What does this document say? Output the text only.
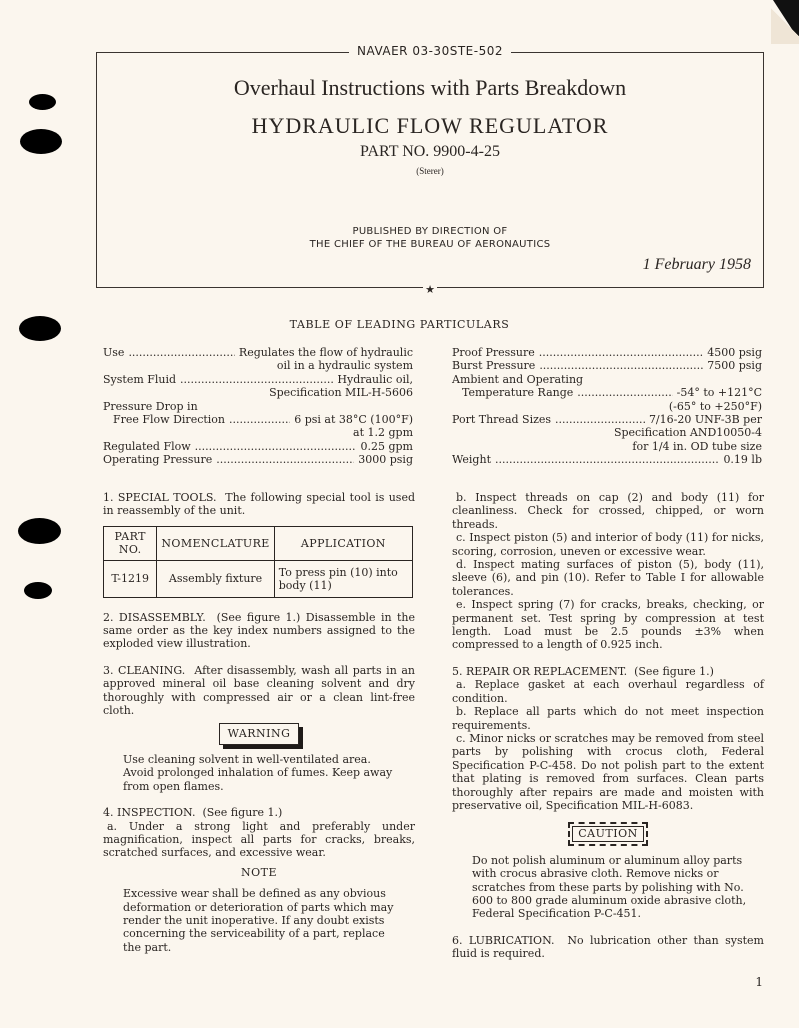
NAVAER 03-30STE-502
Overhaul Instructions with Parts Breakdown
HYDRAULIC FLOW REGULATOR
PART NO. 9900-4-25
(Sterer)
PUBLISHED BY DIRECTION OF
THE CHIEF OF THE BUREAU OF AERONAUTICS
1 February 1958
★
TABLE OF LEADING PARTICULARS
Use .....	Regulates the flow of hydraulic
oil in a hydraulic system
System Fluid .....	Hydraulic oil,
Specification MIL-H-5606
Pressure Drop in
Free Flow Direction .....	6 psi at 38°C (100°F)
at 1.2 gpm
Regulated Flow .....	0.25 gpm
Operating Pressure .....	3000 psig
Proof Pressure .....	4500 psig
Burst Pressure .....	7500 psig
Ambient and Operating
Temperature Range .....	-54° to +121°C
(-65° to +250°F)
Port Thread Sizes .....	7/16-20 UNF-3B per
Specification AND10050-4
for 1/4 in. OD tube size
Weight .....	0.19 lb
1. SPECIAL TOOLS. The following special tool is used in reassembly of the unit.
PART NO.	NOMENCLATURE	APPLICATION
T-1219	Assembly fixture	To press pin (10) into body (11)

2. DISASSEMBLY. (See figure 1.) Disassemble in the same order as the key index numbers assigned to the exploded view illustration.

3. CLEANING. After disassembly, wash all parts in an approved mineral oil base cleaning solvent and dry thoroughly with compressed air or a clean lint-free cloth.

WARNING

Use cleaning solvent in well-ventilated area. Avoid prolonged inhalation of fumes. Keep away from open flames.

4. INSPECTION. (See figure 1.)

a. Under a strong light and preferably under magnification, inspect all parts for cracks, breaks, scratched surfaces, and excessive wear.

NOTE

Excessive wear shall be defined as any obvious deformation or deterioration of parts which may render the unit inoperative. If any doubt exists concerning the serviceability of a part, replace the part.

b. Inspect threads on cap (2) and body (11) for cleanliness. Check for crossed, chipped, or worn threads.

c. Inspect piston (5) and interior of body (11) for nicks, scoring, corrosion, uneven or excessive wear.

d. Inspect mating surfaces of piston (5), body (11), sleeve (6), and pin (10). Refer to Table I for allowable tolerances.

e. Inspect spring (7) for cracks, breaks, checking, or permanent set. Test spring by compression at test length. Load must be 2.5 pounds ±3% when compressed to a length of 0.925 inch.

5. REPAIR OR REPLACEMENT. (See figure 1.)

a. Replace gasket at each overhaul regardless of condition.

b. Replace all parts which do not meet inspection requirements.

c. Minor nicks or scratches may be removed from steel parts by polishing with crocus cloth, Federal Specification P-C-458. Do not polish part to the extent that plating is removed from surfaces. Clean parts thoroughly after repairs are made and moisten with preservative oil, Specification MIL-H-6083.

CAUTION

Do not polish aluminum or aluminum alloy parts with crocus abrasive cloth. Remove nicks or scratches from these parts by polishing with No. 600 to 800 grade aluminum oxide abrasive cloth, Federal Specification P-C-451.

6. LUBRICATION. No lubrication other than system fluid is required.

1
